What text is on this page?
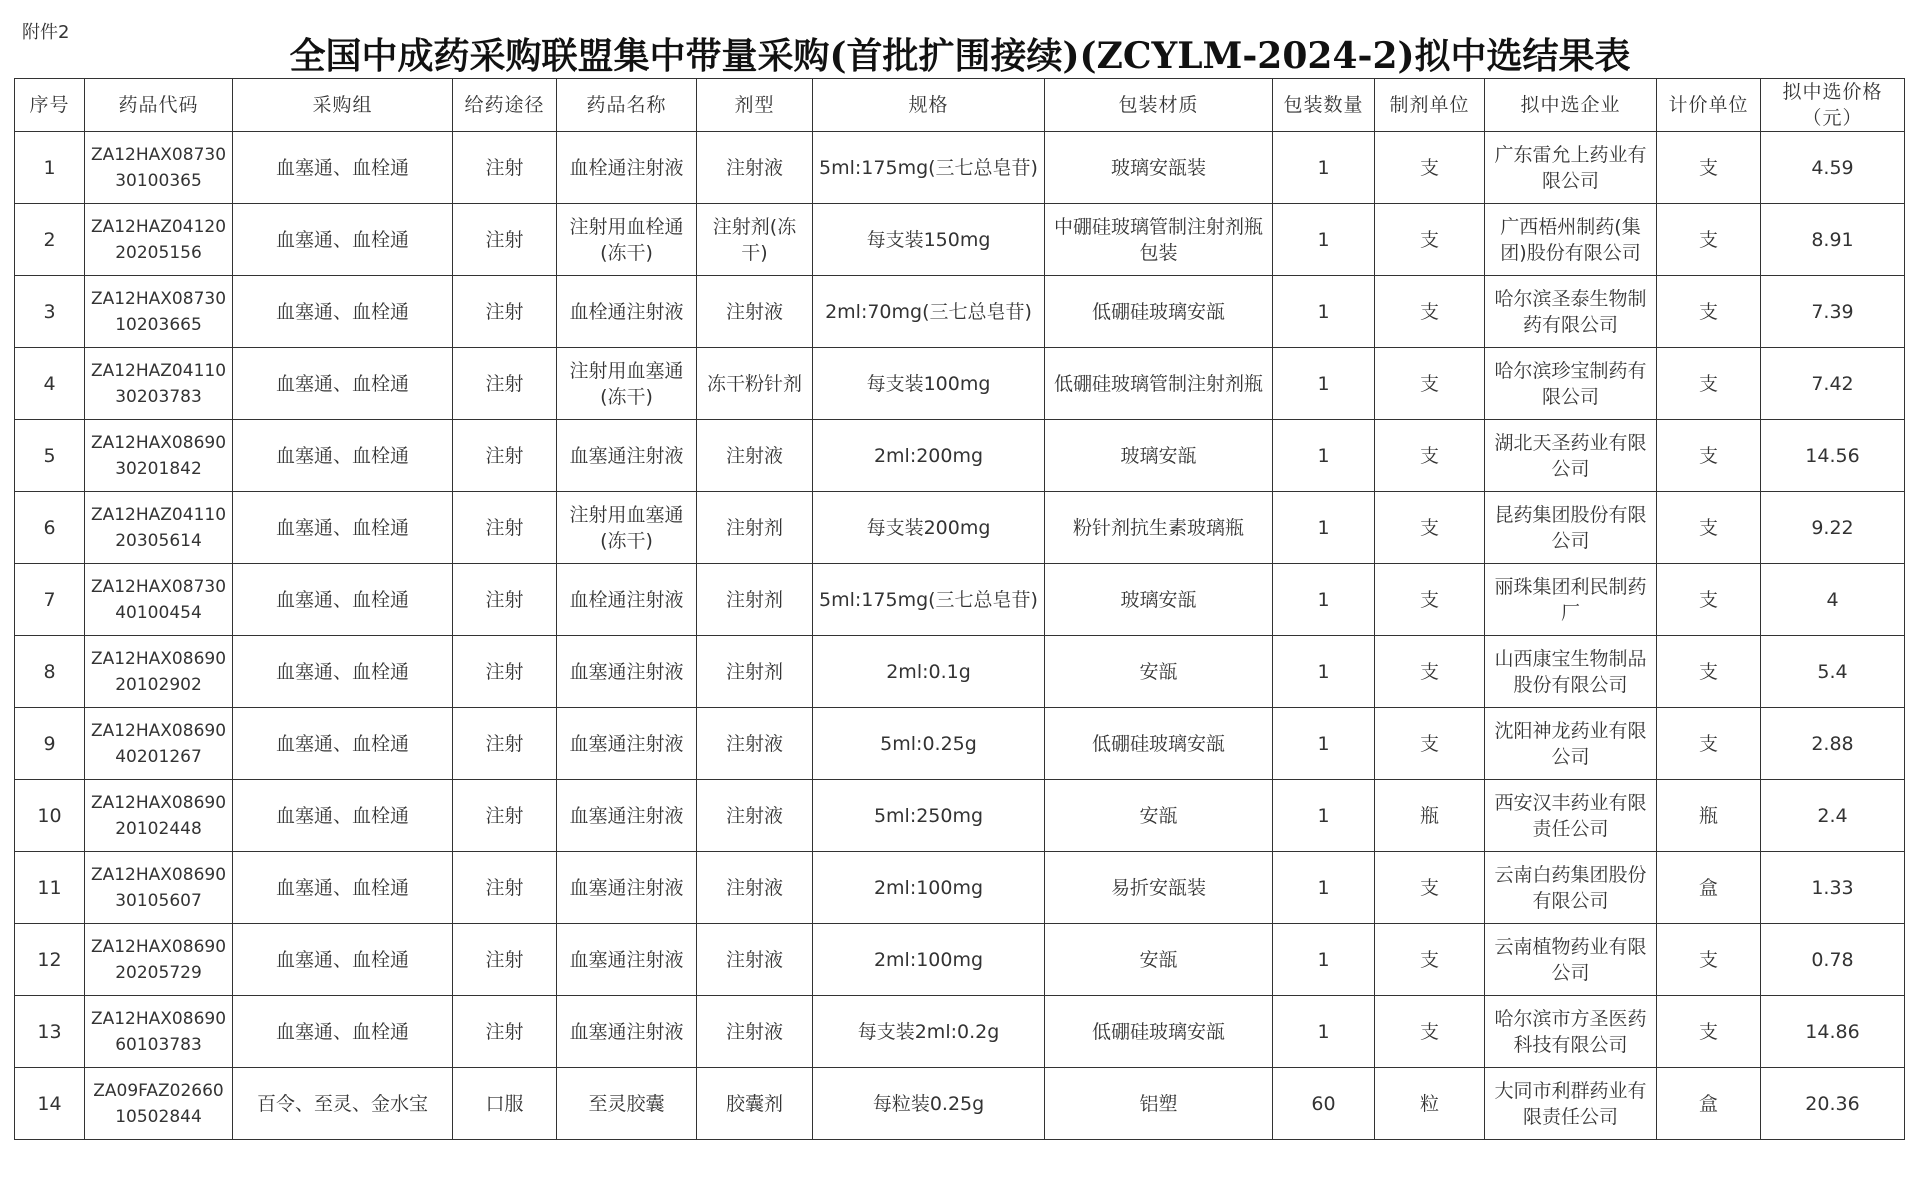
附件2
全国中成药采购联盟集中带量采购(首批扩围接续)(ZCYLM-2024-2)拟中选结果表
序号	药品代码	采购组	给药途径	药品名称	剂型	规格	包装材质	包装数量	制剂单位	拟中选企业	计价单位	拟中选价格（元）
1	ZA12HAX0873030100365	血塞通、血栓通	注射	血栓通注射液	注射液	5ml:175mg(三七总皂苷)	玻璃安瓿装	1	支	广东雷允上药业有限公司	支	4.59
2	ZA12HAZ0412020205156	血塞通、血栓通	注射	注射用血栓通(冻干)	注射剂(冻干)	每支装150mg	中硼硅玻璃管制注射剂瓶包装	1	支	广西梧州制药(集团)股份有限公司	支	8.91
3	ZA12HAX0873010203665	血塞通、血栓通	注射	血栓通注射液	注射液	2ml:70mg(三七总皂苷)	低硼硅玻璃安瓿	1	支	哈尔滨圣泰生物制药有限公司	支	7.39
4	ZA12HAZ0411030203783	血塞通、血栓通	注射	注射用血塞通(冻干)	冻干粉针剂	每支装100mg	低硼硅玻璃管制注射剂瓶	1	支	哈尔滨珍宝制药有限公司	支	7.42
5	ZA12HAX0869030201842	血塞通、血栓通	注射	血塞通注射液	注射液	2ml:200mg	玻璃安瓿	1	支	湖北天圣药业有限公司	支	14.56
6	ZA12HAZ0411020305614	血塞通、血栓通	注射	注射用血塞通(冻干)	注射剂	每支装200mg	粉针剂抗生素玻璃瓶	1	支	昆药集团股份有限公司	支	9.22
7	ZA12HAX0873040100454	血塞通、血栓通	注射	血栓通注射液	注射剂	5ml:175mg(三七总皂苷)	玻璃安瓿	1	支	丽珠集团利民制药厂	支	4
8	ZA12HAX0869020102902	血塞通、血栓通	注射	血塞通注射液	注射剂	2ml:0.1g	安瓿	1	支	山西康宝生物制品股份有限公司	支	5.4
9	ZA12HAX0869040201267	血塞通、血栓通	注射	血塞通注射液	注射液	5ml:0.25g	低硼硅玻璃安瓿	1	支	沈阳神龙药业有限公司	支	2.88
10	ZA12HAX0869020102448	血塞通、血栓通	注射	血塞通注射液	注射液	5ml:250mg	安瓿	1	瓶	西安汉丰药业有限责任公司	瓶	2.4
11	ZA12HAX0869030105607	血塞通、血栓通	注射	血塞通注射液	注射液	2ml:100mg	易折安瓿装	1	支	云南白药集团股份有限公司	盒	1.33
12	ZA12HAX0869020205729	血塞通、血栓通	注射	血塞通注射液	注射液	2ml:100mg	安瓿	1	支	云南植物药业有限公司	支	0.78
13	ZA12HAX0869060103783	血塞通、血栓通	注射	血塞通注射液	注射液	每支装2ml:0.2g	低硼硅玻璃安瓿	1	支	哈尔滨市方圣医药科技有限公司	支	14.86
14	ZA09FAZ0266010502844	百令、至灵、金水宝	口服	至灵胶囊	胶囊剂	每粒装0.25g	铝塑	60	粒	大同市利群药业有限责任公司	盒	20.36
